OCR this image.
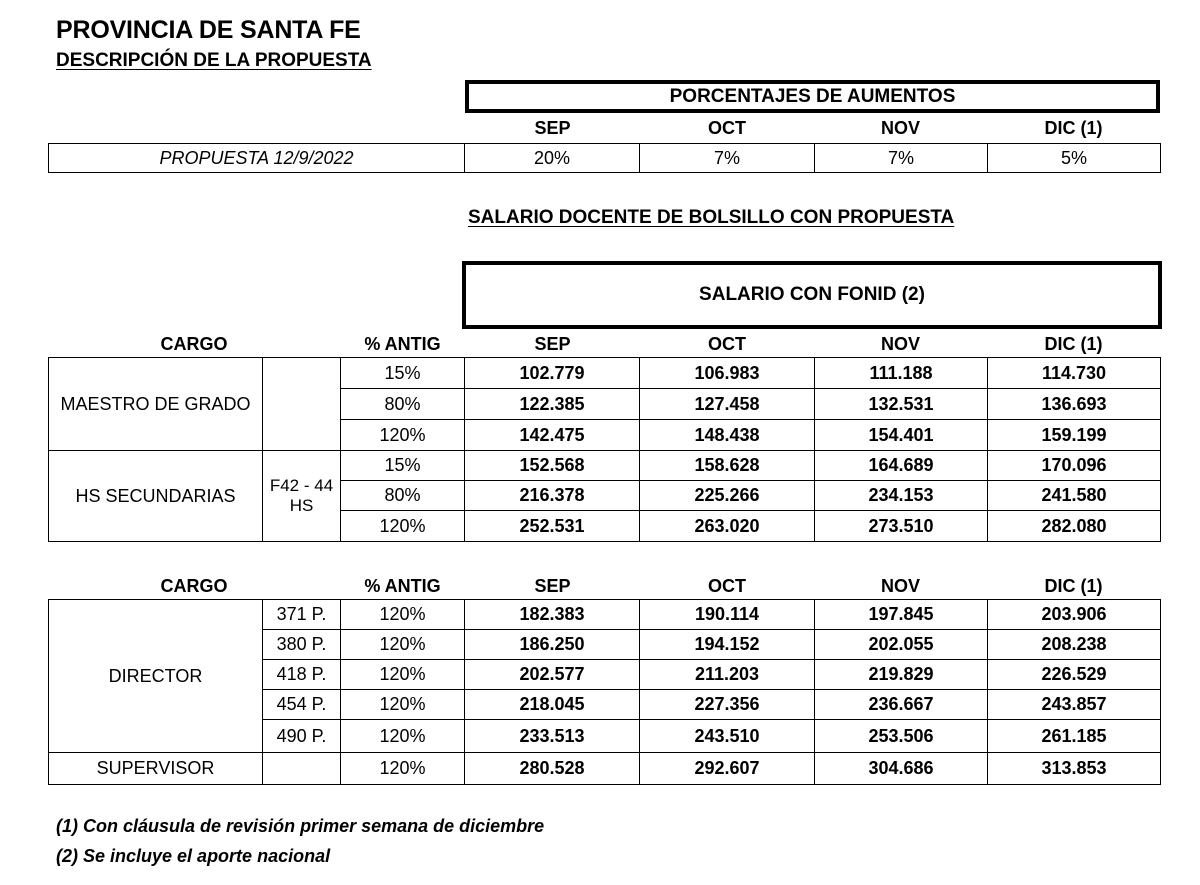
PROVINCIA DE SANTA FE
DESCRIPCIÓN DE LA PROPUESTA
PORCENTAJES DE AUMENTOS
SEP	OCT	NOV	DIC (1)
PROPUESTA 12/9/2022	20%	7%	7%	5%
SALARIO DOCENTE DE BOLSILLO CON PROPUESTA
SALARIO CON FONID (2)
CARGO	% ANTIG	SEP	OCT	NOV	DIC (1)
MAESTRO DE GRADO
15%	102.779	106.983	111.188	114.730
80%	122.385	127.458	132.531	136.693
120%	142.475	148.438	154.401	159.199
HS SECUNDARIAS	F42 - 44 HS
15%	152.568	158.628	164.689	170.096
80%	216.378	225.266	234.153	241.580
120%	252.531	263.020	273.510	282.080
CARGO	% ANTIG	SEP	OCT	NOV	DIC (1)
DIRECTOR
371 P.	120%	182.383	190.114	197.845	203.906
380 P.	120%	186.250	194.152	202.055	208.238
418 P.	120%	202.577	211.203	219.829	226.529
454 P.	120%	218.045	227.356	236.667	243.857
490 P.	120%	233.513	243.510	253.506	261.185
SUPERVISOR	120%	280.528	292.607	304.686	313.853
(1) Con cláusula de revisión primer semana de diciembre
(2) Se incluye el aporte nacional
